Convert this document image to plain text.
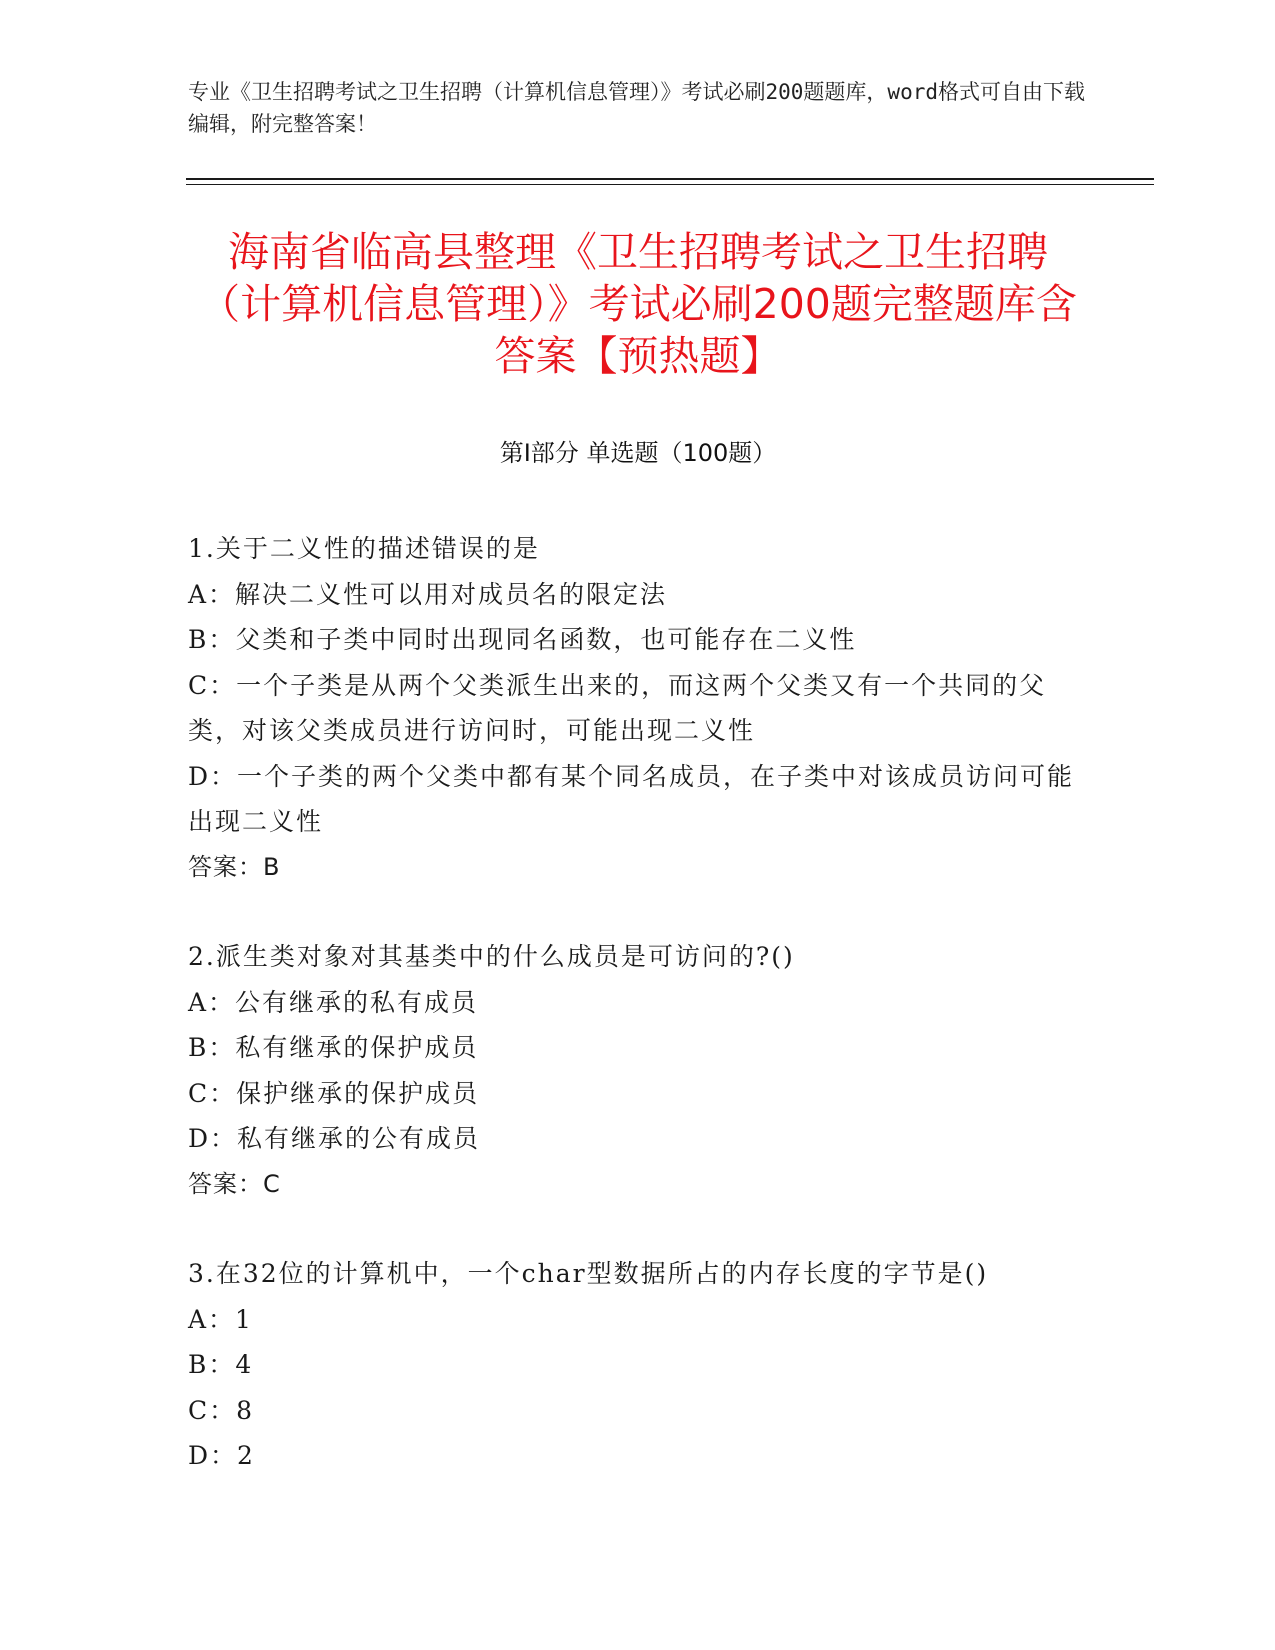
专业《卫生招聘考试之卫生招聘（计算机信息管理）》考试必刷200题题库，word格式可自由下载编辑，附完整答案！
海南省临高县整理《卫生招聘考试之卫生招聘（计算机信息管理）》考试必刷200题完整题库含答案【预热题】
第Ⅰ部分 单选题（100题）
1.关于二义性的描述错误的是
A：解决二义性可以用对成员名的限定法
B：父类和子类中同时出现同名函数，也可能存在二义性
C：一个子类是从两个父类派生出来的，而这两个父类又有一个共同的父类，对该父类成员进行访问时，可能出现二义性
D：一个子类的两个父类中都有某个同名成员，在子类中对该成员访问可能出现二义性
答案：B
2.派生类对象对其基类中的什么成员是可访问的?()
A：公有继承的私有成员
B：私有继承的保护成员
C：保护继承的保护成员
D：私有继承的公有成员
答案：C
3.在32位的计算机中，一个char型数据所占的内存长度的字节是()
A：1
B：4
C：8
D：2
